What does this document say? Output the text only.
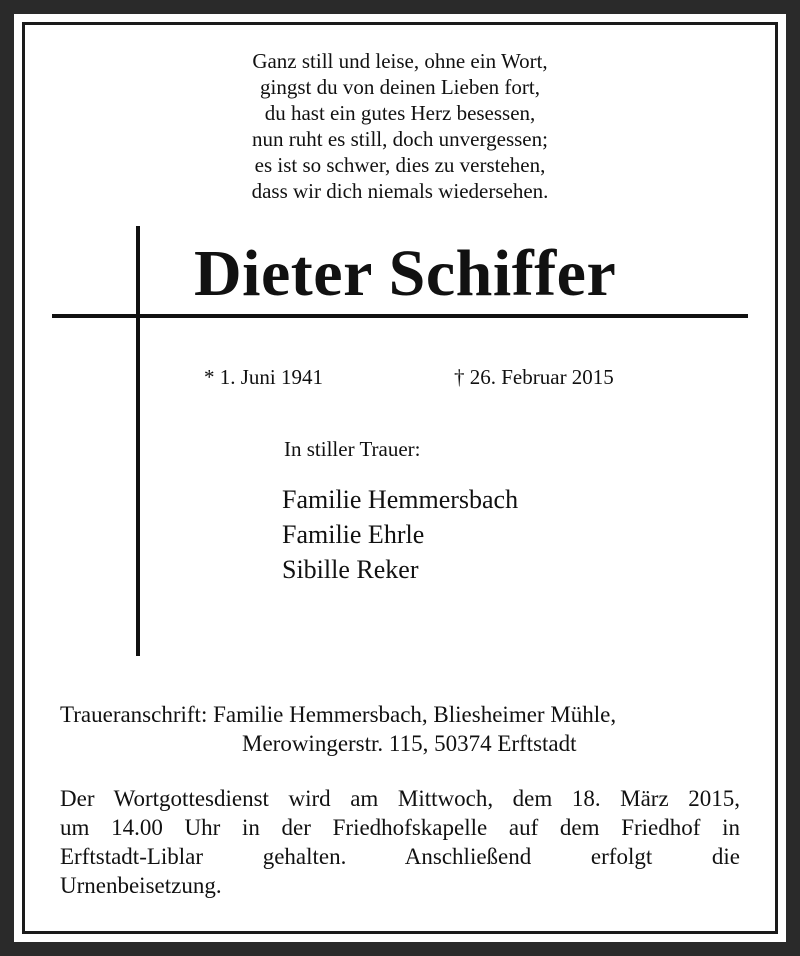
Ganz still und leise, ohne ein Wort,
gingst du von deinen Lieben fort,
du hast ein gutes Herz besessen,
nun ruht es still, doch unvergessen;
es ist so schwer, dies zu verstehen,
dass wir dich niemals wiedersehen.
Dieter Schiffer
* 1. Juni 1941	† 26. Februar 2015
In stiller Trauer:
Familie Hemmersbach
Familie Ehrle
Sibille Reker
Traueranschrift: Familie Hemmersbach, Bliesheimer Mühle,
Merowingerstr. 115, 50374 Erftstadt
Der Wortgottesdienst wird am Mittwoch, dem 18. März 2015,
um 14.00 Uhr in der Friedhofskapelle auf dem Friedhof in
Erftstadt-Liblar gehalten. Anschließend erfolgt die
Urnenbeisetzung.
